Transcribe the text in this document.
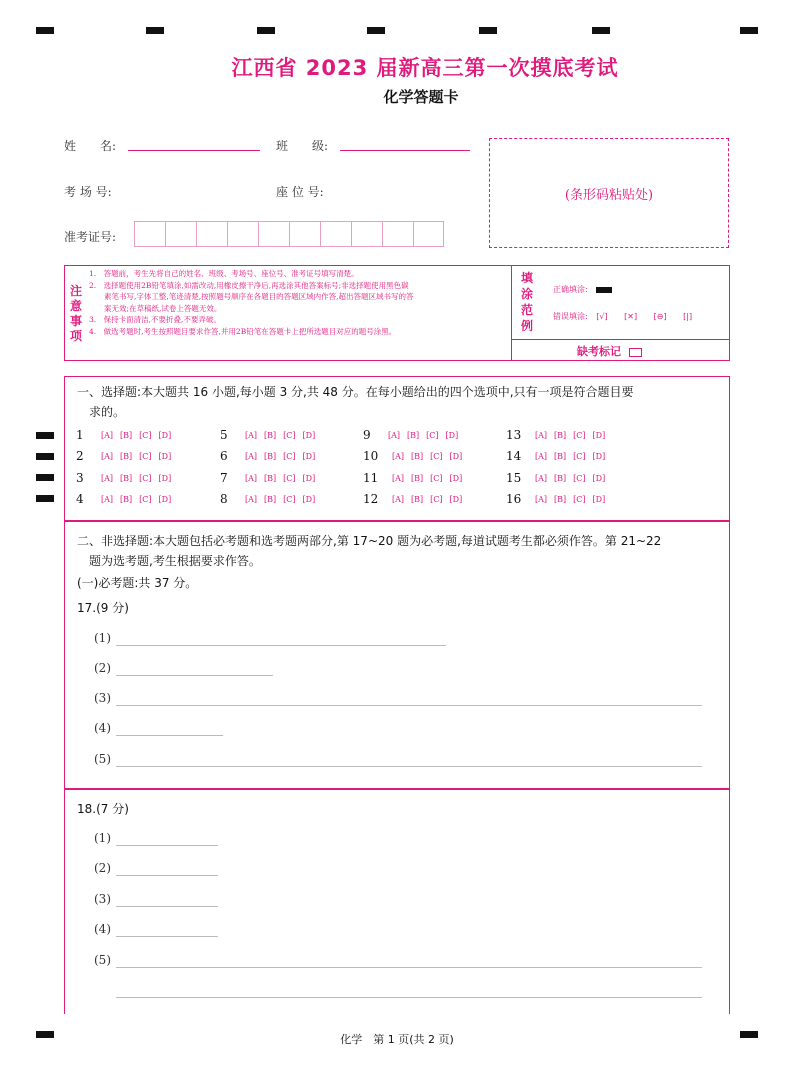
江西省 2023 届新高三第一次摸底考试
化学答题卡
姓　　名:	班　　级:
考 场 号:	座 位 号:
准考证号:
(条形码粘贴处)
注意事项
1.　答题前，考生先将自己的姓名、班级、考场号、座位号、准考证号填写清楚。
2.　选择题使用2B铅笔填涂,如需改动,用橡皮擦干净后,再选涂其他答案标号;非选择题使用黑色碳
　　素笔书写,字体工整,笔迹清楚,按照题号顺序在各题目的答题区域内作答,超出答题区域书写的答
　　案无效;在草稿纸,试卷上答题无效。
3.　保持卡面清洁,不要折叠,不要弄破。
4.　做选考题时,考生按照题目要求作答,并用2B铅笔在答题卡上把所选题目对应的题号涂黑。
填涂范例
正确填涂:
错误填涂: [√] [✕] [⊖] [|]
缺考标记
一、选择题:本大题共 16 小题,每小题 3 分,共 48 分。在每小题给出的四个选项中,只有一项是符合题目要
　求的。
1	[A] [B] [C] [D]
2	[A] [B] [C] [D]
3	[A] [B] [C] [D]
4	[A] [B] [C] [D]
5	[A] [B] [C] [D]
6	[A] [B] [C] [D]
7	[A] [B] [C] [D]
8	[A] [B] [C] [D]
9	[A] [B] [C] [D]
10	[A] [B] [C] [D]
11	[A] [B] [C] [D]
12	[A] [B] [C] [D]
13	[A] [B] [C] [D]
14	[A] [B] [C] [D]
15	[A] [B] [C] [D]
16	[A] [B] [C] [D]
二、非选择题:本大题包括必考题和选考题两部分,第 17~20 题为必考题,每道试题考生都必须作答。第 21~22
　题为选考题,考生根据要求作答。
(一)必考题:共 37 分。
17.(9 分)
(1)
(2)
(3)
(4)
(5)
18.(7 分)
(1)
(2)
(3)
(4)
(5)
化学　第 1 页(共 2 页)
